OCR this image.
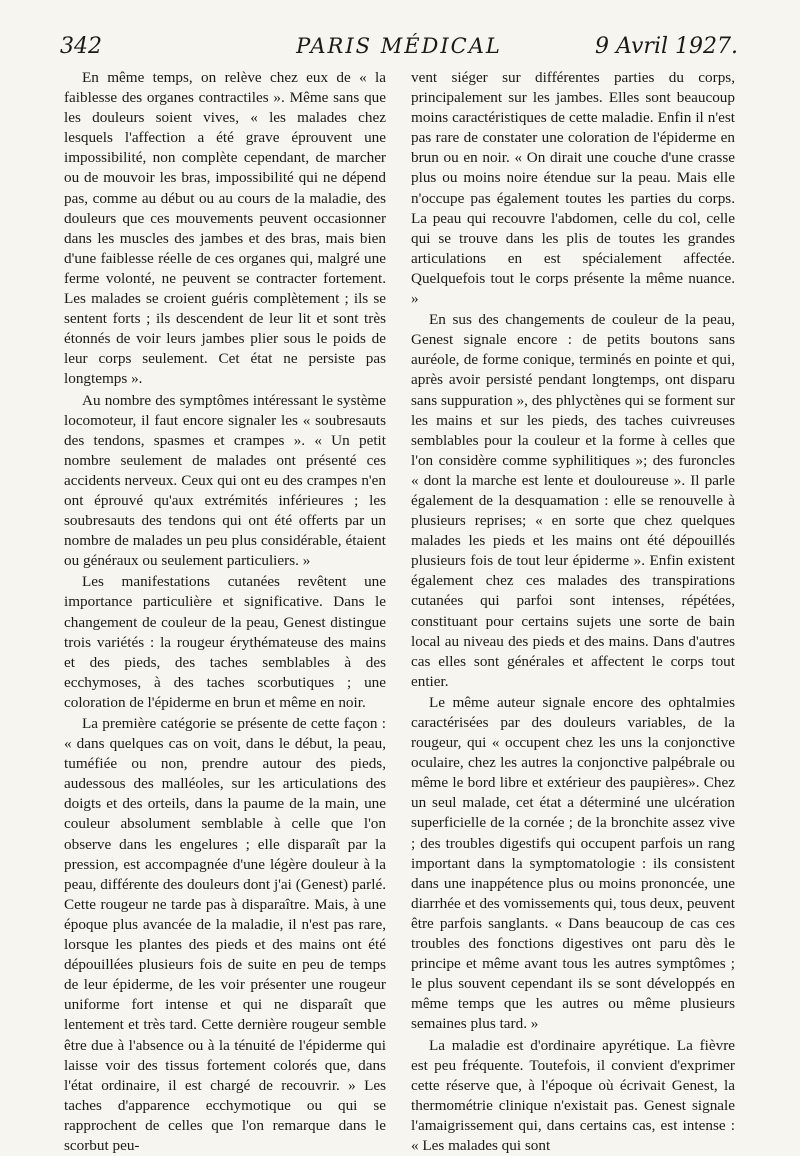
342	PARIS MÉDICAL	9 Avril 1927.

En même temps, on relève chez eux de « la faiblesse des organes contractiles ». Même sans que les douleurs soient vives, « les malades chez lesquels l'affection a été grave éprouvent une impossibilité, non complète cependant, de marcher ou de mouvoir les bras, impossibilité qui ne dépend pas, comme au début ou au cours de la maladie, des douleurs que ces mouvements peuvent occasionner dans les muscles des jambes et des bras, mais bien d'une faiblesse réelle de ces organes qui, malgré une ferme volonté, ne peuvent se contracter fortement. Les malades se croient guéris complètement ; ils se sentent forts ; ils descendent de leur lit et sont très étonnés de voir leurs jambes plier sous le poids de leur corps seulement. Cet état ne persiste pas longtemps ».

Au nombre des symptômes intéressant le système locomoteur, il faut encore signaler les « soubresauts des tendons, spasmes et crampes ». « Un petit nombre seulement de malades ont présenté ces accidents nerveux. Ceux qui ont eu des crampes n'en ont éprouvé qu'aux extrémités inférieures ; les soubresauts des tendons qui ont été offerts par un nombre de malades un peu plus considérable, étaient ou généraux ou seulement particuliers. »

Les manifestations cutanées revêtent une importance particulière et significative. Dans le changement de couleur de la peau, Genest distingue trois variétés : la rougeur érythémateuse des mains et des pieds, des taches semblables à des ecchymoses, à des taches scorbutiques ; une coloration de l'épiderme en brun et même en noir.

La première catégorie se présente de cette façon : « dans quelques cas on voit, dans le début, la peau, tuméfiée ou non, prendre autour des pieds, audessous des malléoles, sur les articulations des doigts et des orteils, dans la paume de la main, une couleur absolument semblable à celle que l'on observe dans les engelures ; elle disparaît par la pression, est accompagnée d'une légère douleur à la peau, différente des douleurs dont j'ai (Genest) parlé. Cette rougeur ne tarde pas à disparaître. Mais, à une époque plus avancée de la maladie, il n'est pas rare, lorsque les plantes des pieds et des mains ont été dépouillées plusieurs fois de suite en peu de temps de leur épiderme, de les voir présenter une rougeur uniforme fort intense et qui ne disparaît que lentement et très tard. Cette dernière rougeur semble être due à l'absence ou à la ténuité de l'épiderme qui laisse voir des tissus fortement colorés que, dans l'état ordinaire, il est chargé de recouvrir. » Les taches d'apparence ecchymotique ou qui se rapprochent de celles que l'on remarque dans le scorbut peu-

vent siéger sur différentes parties du corps, principalement sur les jambes. Elles sont beaucoup moins caractéristiques de cette maladie. Enfin il n'est pas rare de constater une coloration de l'épiderme en brun ou en noir. « On dirait une couche d'une crasse plus ou moins noire étendue sur la peau. Mais elle n'occupe pas également toutes les parties du corps. La peau qui recouvre l'abdomen, celle du col, celle qui se trouve dans les plis de toutes les grandes articulations en est spécialement affectée. Quelquefois tout le corps présente la même nuance. »

En sus des changements de couleur de la peau, Genest signale encore : de petits boutons sans auréole, de forme conique, terminés en pointe et qui, après avoir persisté pendant longtemps, ont disparu sans suppuration », des phlyctènes qui se forment sur les mains et sur les pieds, des taches cuivreuses semblables pour la couleur et la forme à celles que l'on considère comme syphilitiques »; des furoncles « dont la marche est lente et douloureuse ». Il parle également de la desquamation : elle se renouvelle à plusieurs reprises; « en sorte que chez quelques malades les pieds et les mains ont été dépouillés plusieurs fois de tout leur épiderme ». Enfin existent également chez ces malades des transpirations cutanées qui parfoi sont intenses, répétées, constituant pour certains sujets une sorte de bain local au niveau des pieds et des mains. Dans d'autres cas elles sont générales et affectent le corps tout entier.

Le même auteur signale encore des ophtalmies caractérisées par des douleurs variables, de la rougeur, qui « occupent chez les uns la conjonctive oculaire, chez les autres la conjonctive palpébrale ou même le bord libre et extérieur des paupières». Chez un seul malade, cet état a déterminé une ulcération superficielle de la cornée ; de la bronchite assez vive ; des troubles digestifs qui occupent parfois un rang important dans la symptomatologie : ils consistent dans une inappétence plus ou moins prononcée, une diarrhée et des vomissements qui, tous deux, peuvent être parfois sanglants. « Dans beaucoup de cas ces troubles des fonctions digestives ont paru dès le principe et même avant tous les autres symptômes ; le plus souvent cependant ils se sont développés en même temps que les autres ou même plusieurs semaines plus tard. »

La maladie est d'ordinaire apyrétique. La fièvre est peu fréquente. Toutefois, il convient d'exprimer cette réserve que, à l'époque où écrivait Genest, la thermométrie clinique n'existait pas. Genest signale l'amaigrissement qui, dans certains cas, est intense : « Les malades qui sont
